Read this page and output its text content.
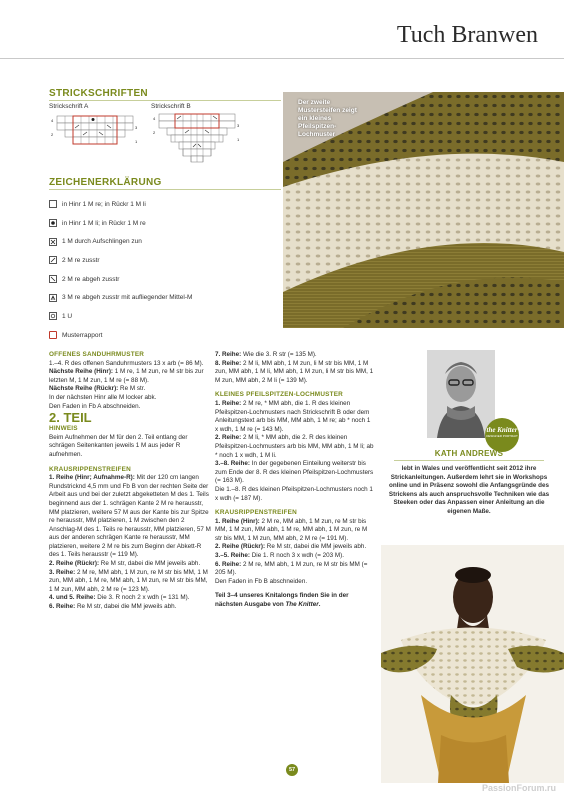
Tuch Branwen
STRICKSCHRIFTEN
Strickschrift A	Strickschrift B
4
2
3
1
4
2
3
1
ZEICHENERKLÄRUNG
in Hinr 1 M re; in Rückr 1 M li
in Hinr 1 M li; in Rückr 1 M re
1 M durch Aufschlingen zun
2 M re zusstr
2 M re abgeh zusstr
3 M re abgeh zusstr mit aufliegender Mittel-M
1 U
Musterrapport
Der zweite Mustersteifen zeigt ein kleines Pfeilspitzen-Lochmuster

OFFENES SANDUHRMUSTER

1.–4. R des offenen Sanduhrmusters 13 x arb (= 86 M).

Nächste Reihe (Hinr): 1 M re, 1 M zun, re M str bis zur letzten M, 1 M zun, 1 M re (= 88 M).

Nächste Reihe (Rückr): Re M str.

In der nächsten Hinr alle M locker abk.

Den Faden in Fb A abschneiden.

2. TEIL

HINWEIS

Beim Aufnehmen der M für den 2. Teil entlang der schrägen Seitenkanten jeweils 1 M aus jeder R aufnehmen.

KRAUSRIPPENSTREIFEN

1. Reihe (Hinr; Aufnahme-R): Mit der 120 cm langen Rundstricknd 4,5 mm und Fb B von der rechten Seite der Arbeit aus und bei der zuletzt abgeketteten M des 1. Teils beginnend aus der 1. schrägen Kante 2 M re herausstr, MM platzieren, weitere 57 M aus der Kante bis zur Spitze re herausstr, MM platzieren, 1 M zwischen den 2 Anschlag-M des 1. Teils re herausstr, MM platzieren, 57 M aus der anderen schrägen Kante re herausstr, MM platzieren, weitere 2 M re bis zum Beginn der Abkett-R des 1. Teils herausstr (= 119 M).

2. Reihe (Rückr): Re M str, dabei die MM jeweils abh.

3. Reihe: 2 M re, MM abh, 1 M zun, re M str bis MM, 1 M zun, MM abh, 1 M re, MM abh, 1 M zun, re M str bis MM, 1 M zun, MM abh, 2 M re (= 123 M).

4. und 5. Reihe: Die 3. R noch 2 x wdh (= 131 M).

6. Reihe: Re M str, dabei die MM jeweils abh.

7. Reihe: Wie die 3. R str (= 135 M).

8. Reihe: 2 M li, MM abh, 1 M zun, li M str bis MM, 1 M zun, MM abh, 1 M li, MM abh, 1 M zun, li M str bis MM, 1 M zun, MM abh, 2 M li (= 139 M).

KLEINES PFEILSPITZEN-LOCHMUSTER

1. Reihe: 2 M re, * MM abh, die 1. R des kleinen Pfeilspitzen-Lochmusters nach Strickschrift B oder dem Anleitungstext arb bis MM, MM abh, 1 M re; ab * noch 1 x wdh, 1 M re (= 143 M).

2. Reihe: 2 M li, * MM abh, die 2. R des kleinen Pfeilspitzen-Lochmusters arb bis MM, MM abh, 1 M li; ab * noch 1 x wdh, 1 M li.

3.–8. Reihe: In der gegebenen Einteilung weiterstr bis zum Ende der 8. R des kleinen Pfeilspitzen-Lochmusters (= 163 M).

Die 1.–8. R des kleinen Pfeilspitzen-Lochmusters noch 1 x wdh (= 187 M).

KRAUSRIPPENSTREIFEN

1. Reihe (Hinr): 2 M re, MM abh, 1 M zun, re M str bis MM, 1 M zun, MM abh, 1 M re, MM abh, 1 M zun, re M str bis MM, 1 M zun, MM abh, 2 M re (= 191 M).

2. Reihe (Rückr): Re M str, dabei die MM jeweils abh.

3.–5. Reihe: Die 1. R noch 3 x wdh (= 203 M).

6. Reihe: 2 M re, MM abh, 1 M zun, re M str bis MM (= 205 M).

Den Faden in Fb B abschneiden.

Teil 3–4 unseres Knitalongs finden Sie in der nächsten Ausgabe von The Knitter.

the Knitter
DESIGNER PORTRAIT
KATH ANDREWS
lebt in Wales und veröffentlicht seit 2012 ihre Strickanleitungen. Außerdem lehrt sie in Workshops online und in Präsenz sowohl die Anfangsgründe des Strickens als auch anspruchsvolle Techniken wie das Steeken oder das Anpassen einer Anleitung an die eigenen Maße.
57
PassionForum.ru
